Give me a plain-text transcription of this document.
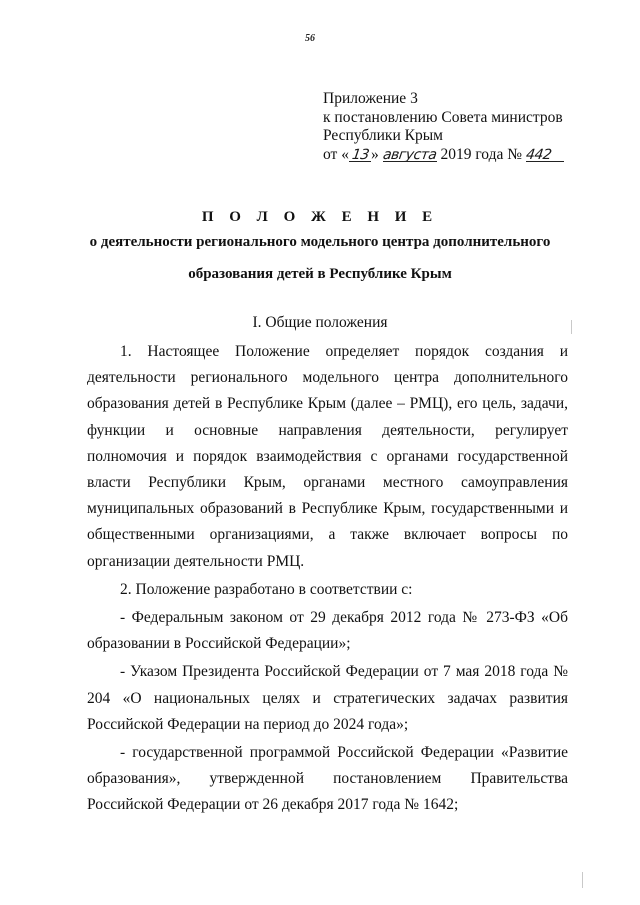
56
Приложение 3
к постановлению Совета министров
Республики Крым
от «13
» августа 2019 года № 442
П О Л О Ж Е Н И Е
о деятельности регионального модельного центра дополнительного
образования детей в Республике Крым
I. Общие положения

1. Настоящее Положение определяет порядок создания и деятельности регионального модельного центра дополнительного образования детей в Республике Крым (далее – РМЦ), его цель, задачи, функции и основные направления деятельности, регулирует полномочия и порядок взаимодействия с органами государственной власти Республики Крым, органами местного самоуправления муниципальных образований в Республике Крым, государственными и общественными организациями, а также включает вопросы по организации деятельности РМЦ.

2. Положение разработано в соответствии с:

- Федеральным законом от 29 декабря 2012 года № 273-ФЗ «Об образовании в Российской Федерации»;

- Указом Президента Российской Федерации от 7 мая 2018 года № 204 «О национальных целях и стратегических задачах развития Российской Федерации на период до 2024 года»;

- государственной программой Российской Федерации «Развитие образования», утвержденной постановлением Правительства Российской Федерации от 26 декабря 2017 года № 1642;
